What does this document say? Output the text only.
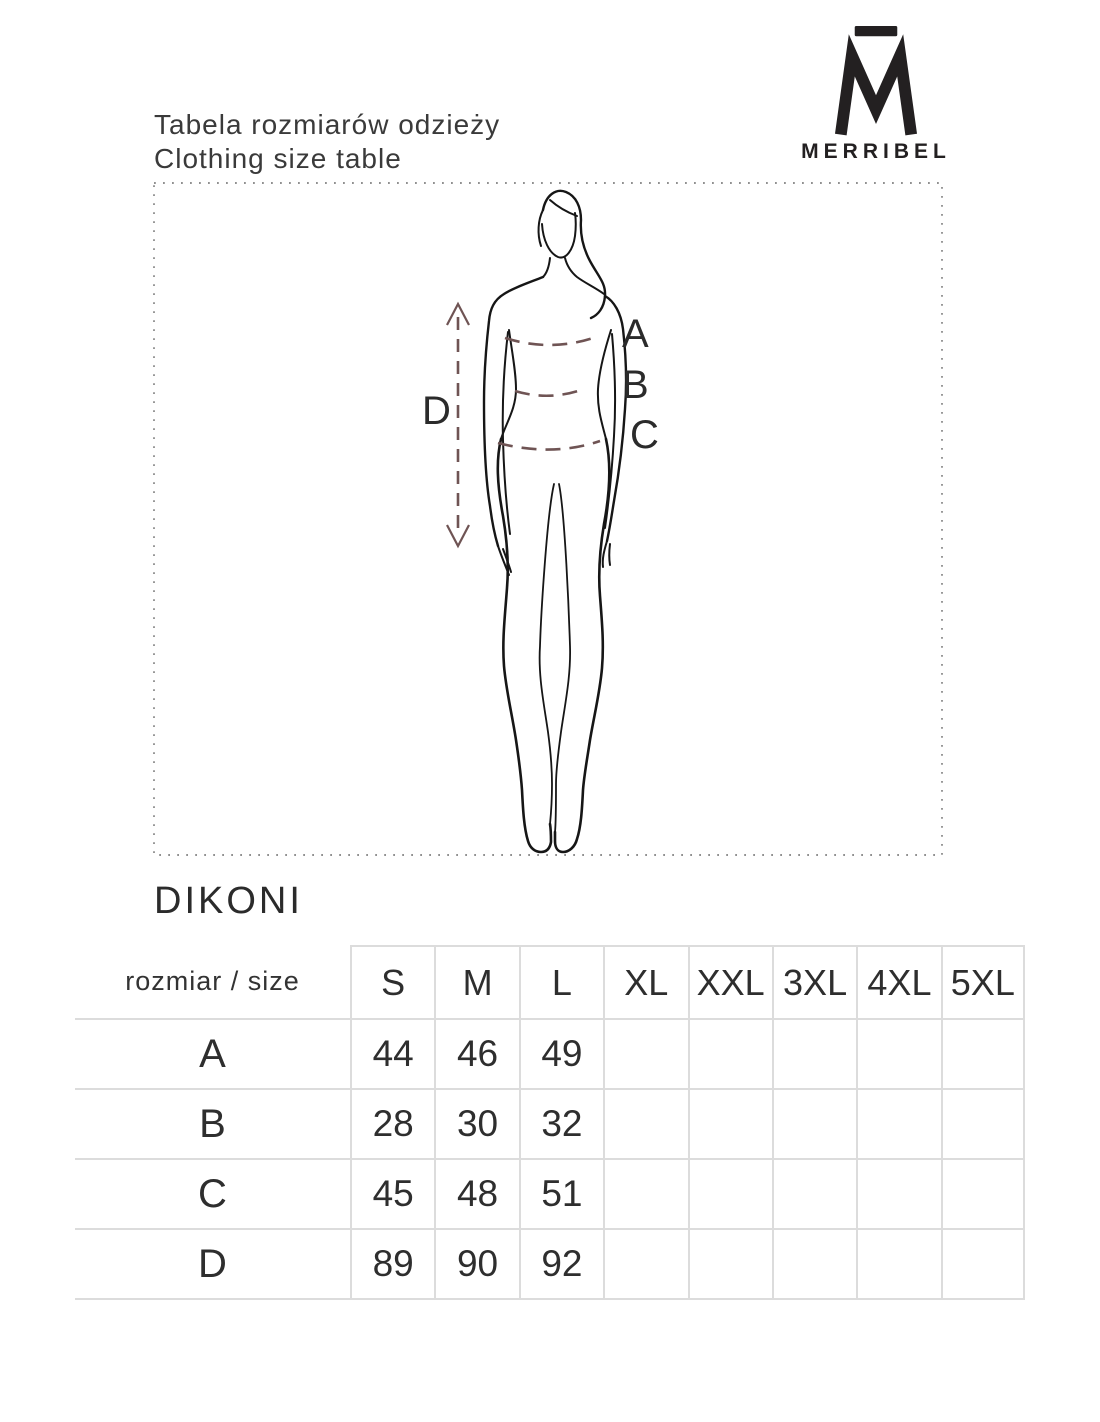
Tabela rozmiarów odzieży
Clothing size table	MERRIBEL
A
B
C
D
DIKONI
rozmiar / size	S	M	L	XL XXL 3XL 4XL 5XL
A	44	46	49
B	28	30	32
C	45	48	51
D	89	90	92
